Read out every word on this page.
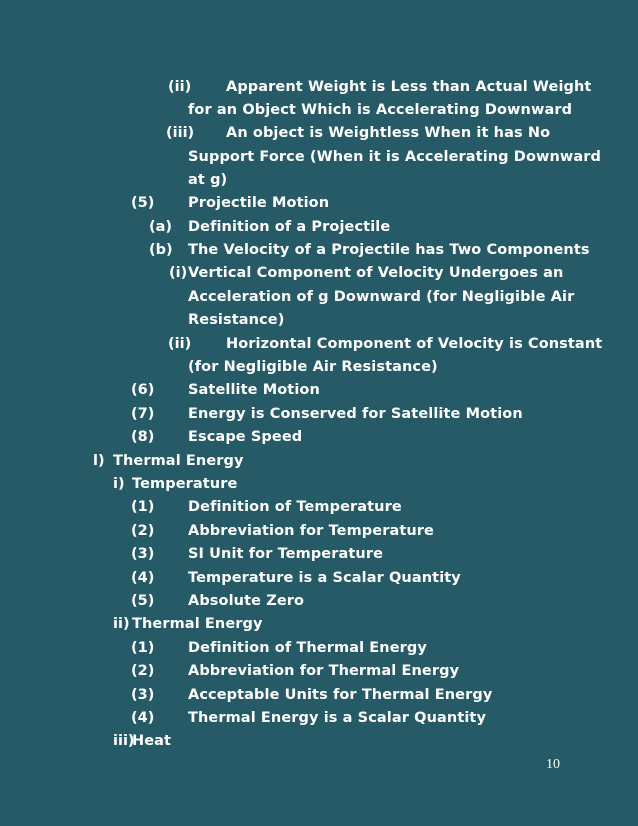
(ii) Apparent Weight is Less than Actual Weight
for an Object Which is Accelerating Downward
(iii) An object is Weightless When it has No
Support Force (When it is Accelerating Downward
at g)
(5) Projectile Motion
(a) Definition of a Projectile
(b) The Velocity of a Projectile has Two Components
(i) Vertical Component of Velocity Undergoes an
Acceleration of g Downward (for Negligible Air
Resistance)
(ii) Horizontal Component of Velocity is Constant
(for Negligible Air Resistance)
(6) Satellite Motion
(7) Energy is Conserved for Satellite Motion
(8) Escape Speed
l) Thermal Energy
i) Temperature
(1) Definition of Temperature
(2) Abbreviation for Temperature
(3) SI Unit for Temperature
(4) Temperature is a Scalar Quantity
(5) Absolute Zero
ii) Thermal Energy
(1) Definition of Thermal Energy
(2) Abbreviation for Thermal Energy
(3) Acceptable Units for Thermal Energy
(4) Thermal Energy is a Scalar Quantity
iii)
Heat
10
